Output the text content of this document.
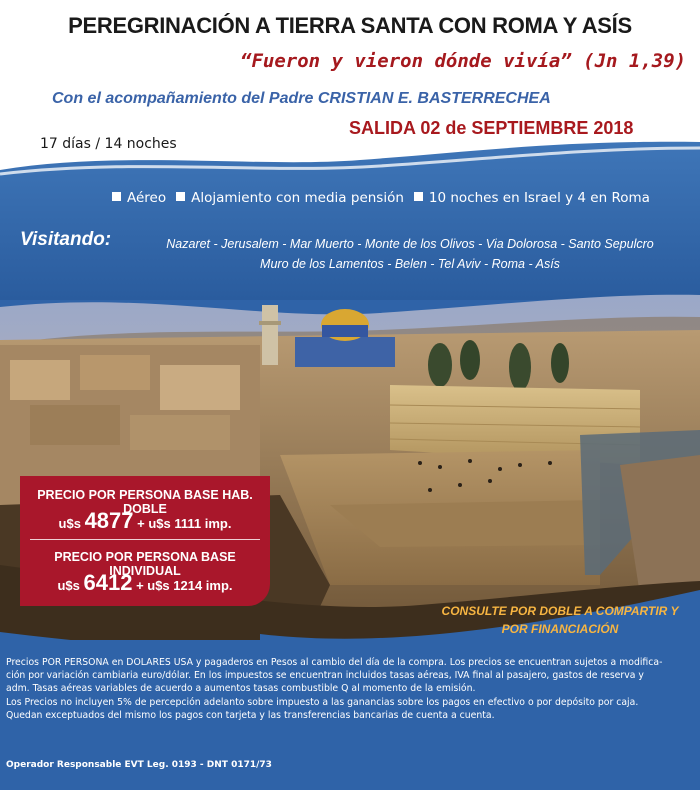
PEREGRINACIÓN A TIERRA SANTA CON ROMA Y ASÍS
“Fueron y vieron dónde vivía” (Jn 1,39)
Con el acompañamiento del Padre CRISTIAN E. BASTERRECHEA
SALIDA 02 de SEPTIEMBRE 2018
17 días / 14 noches
Aéreo	Alojamiento con media pensión	10 noches en Israel y 4 en Roma
Visitando:	Nazaret - Jerusalem - Mar Muerto - Monte de los Olivos - Via Dolorosa - Santo Sepulcro
Muro de los Lamentos - Belen - Tel Aviv - Roma - Asís
PRECIO POR PERSONA BASE HAB. DOBLE
u$s 4877 + u$s 1111 imp.
PRECIO POR PERSONA BASE INDIVIDUAL
u$s 6412 + u$s 1214 imp.
CONSULTE POR DOBLE A COMPARTIR Y
POR FINANCIACIÓN
Precios POR PERSONA en DOLARES USA y pagaderos en Pesos al cambio del día de la compra. Los precios se encuentran sujetos a modifica-
ción por variación cambiaria euro/dólar. En los impuestos se encuentran incluidos tasas aéreas, IVA final al pasajero, gastos de reserva y
adm. Tasas aéreas variables de acuerdo a aumentos tasas combustible Q al momento de la emisión.
Los Precios no incluyen 5% de percepción adelanto sobre impuesto a las ganancias sobre los pagos en efectivo o por depósito por caja.
Quedan exceptuados del mismo los pagos con tarjeta y las transferencias bancarias de cuenta a cuenta.
Operador Responsable EVT Leg. 0193 - DNT 0171/73
